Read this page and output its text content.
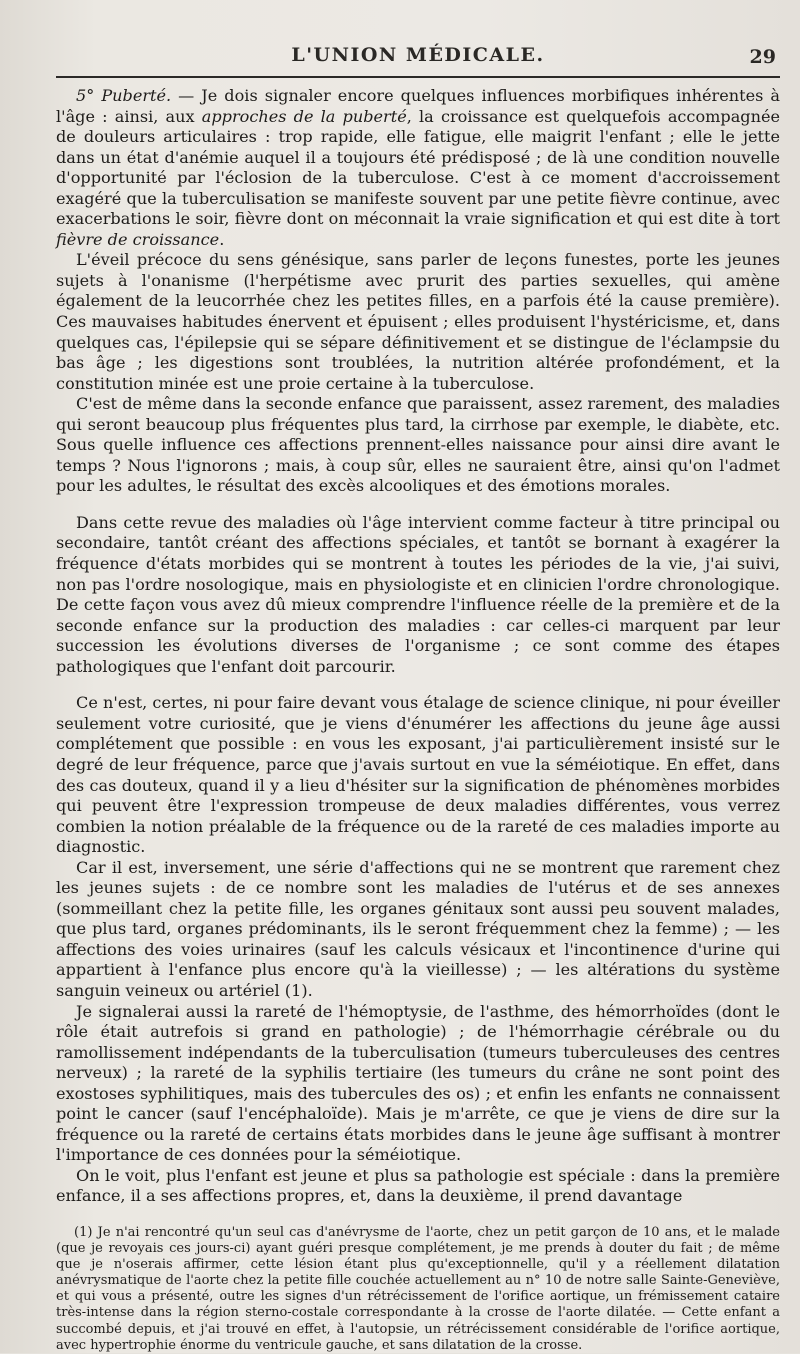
L'UNION MÉDICALE.	29

5° Puberté. — Je dois signaler encore quelques influences morbifiques inhérentes à l'âge : ainsi, aux approches de la puberté, la croissance est quelquefois accompagnée de douleurs articulaires : trop rapide, elle fatigue, elle maigrit l'enfant ; elle le jette dans un état d'anémie auquel il a toujours été prédisposé ; de là une condition nouvelle d'opportunité par l'éclosion de la tuberculose. C'est à ce moment d'accroissement exagéré que la tuberculisation se manifeste souvent par une petite fièvre continue, avec exacerbations le soir, fièvre dont on méconnait la vraie signification et qui est dite à tort fièvre de croissance.

L'éveil précoce du sens génésique, sans parler de leçons funestes, porte les jeunes sujets à l'onanisme (l'herpétisme avec prurit des parties sexuelles, qui amène également de la leucorrhée chez les petites filles, en a parfois été la cause première). Ces mauvaises habitudes énervent et épuisent ; elles produisent l'hystéricisme, et, dans quelques cas, l'épilepsie qui se sépare définitivement et se distingue de l'éclampsie du bas âge ; les digestions sont troublées, la nutrition altérée profondément, et la constitution minée est une proie certaine à la tuberculose.

C'est de même dans la seconde enfance que paraissent, assez rarement, des maladies qui seront beaucoup plus fréquentes plus tard, la cirrhose par exemple, le diabète, etc. Sous quelle influence ces affections prennent-elles naissance pour ainsi dire avant le temps ? Nous l'ignorons ; mais, à coup sûr, elles ne sauraient être, ainsi qu'on l'admet pour les adultes, le résultat des excès alcooliques et des émotions morales.

Dans cette revue des maladies où l'âge intervient comme facteur à titre principal ou secondaire, tantôt créant des affections spéciales, et tantôt se bornant à exagérer la fréquence d'états morbides qui se montrent à toutes les périodes de la vie, j'ai suivi, non pas l'ordre nosologique, mais en physiologiste et en clinicien l'ordre chronologique. De cette façon vous avez dû mieux comprendre l'influence réelle de la première et de la seconde enfance sur la production des maladies : car celles-ci marquent par leur succession les évolutions diverses de l'organisme ; ce sont comme des étapes pathologiques que l'enfant doit parcourir.

Ce n'est, certes, ni pour faire devant vous étalage de science clinique, ni pour éveiller seulement votre curiosité, que je viens d'énumérer les affections du jeune âge aussi complétement que possible : en vous les exposant, j'ai particulièrement insisté sur le degré de leur fréquence, parce que j'avais surtout en vue la séméiotique. En effet, dans des cas douteux, quand il y a lieu d'hésiter sur la signification de phénomènes morbides qui peuvent être l'expression trompeuse de deux maladies différentes, vous verrez combien la notion préalable de la fréquence ou de la rareté de ces maladies importe au diagnostic.

Car il est, inversement, une série d'affections qui ne se montrent que rarement chez les jeunes sujets : de ce nombre sont les maladies de l'utérus et de ses annexes (sommeillant chez la petite fille, les organes génitaux sont aussi peu souvent malades, que plus tard, organes prédominants, ils le seront fréquemment chez la femme) ; — les affections des voies urinaires (sauf les calculs vésicaux et l'incontinence d'urine qui appartient à l'enfance plus encore qu'à la vieillesse) ; — les altérations du système sanguin veineux ou artériel (1).

Je signalerai aussi la rareté de l'hémoptysie, de l'asthme, des hémorrhoïdes (dont le rôle était autrefois si grand en pathologie) ; de l'hémorrhagie cérébrale ou du ramollissement indépendants de la tuberculisation (tumeurs tuberculeuses des centres nerveux) ; la rareté de la syphilis tertiaire (les tumeurs du crâne ne sont point des exostoses syphilitiques, mais des tubercules des os) ; et enfin les enfants ne connaissent point le cancer (sauf l'encéphaloïde). Mais je m'arrête, ce que je viens de dire sur la fréquence ou la rareté de certains états morbides dans le jeune âge suffisant à montrer l'importance de ces données pour la séméiotique.

On le voit, plus l'enfant est jeune et plus sa pathologie est spéciale : dans la première enfance, il a ses affections propres, et, dans la deuxième, il prend davantage

(1) Je n'ai rencontré qu'un seul cas d'anévrysme de l'aorte, chez un petit garçon de 10 ans, et le malade (que je revoyais ces jours-ci) ayant guéri presque complétement, je me prends à douter du fait ; de même que je n'oserais affirmer, cette lésion étant plus qu'exceptionnelle, qu'il y a réellement dilatation anévrysmatique de l'aorte chez la petite fille couchée actuellement au n° 10 de notre salle Sainte-Geneviève, et qui vous a présenté, outre les signes d'un rétrécissement de l'orifice aortique, un frémissement cataire très-intense dans la région sterno-costale correspondante à la crosse de l'aorte dilatée. — Cette enfant a succombé depuis, et j'ai trouvé en effet, à l'autopsie, un rétrécissement considérable de l'orifice aortique, avec hypertrophie énorme du ventricule gauche, et sans dilatation de la crosse.
